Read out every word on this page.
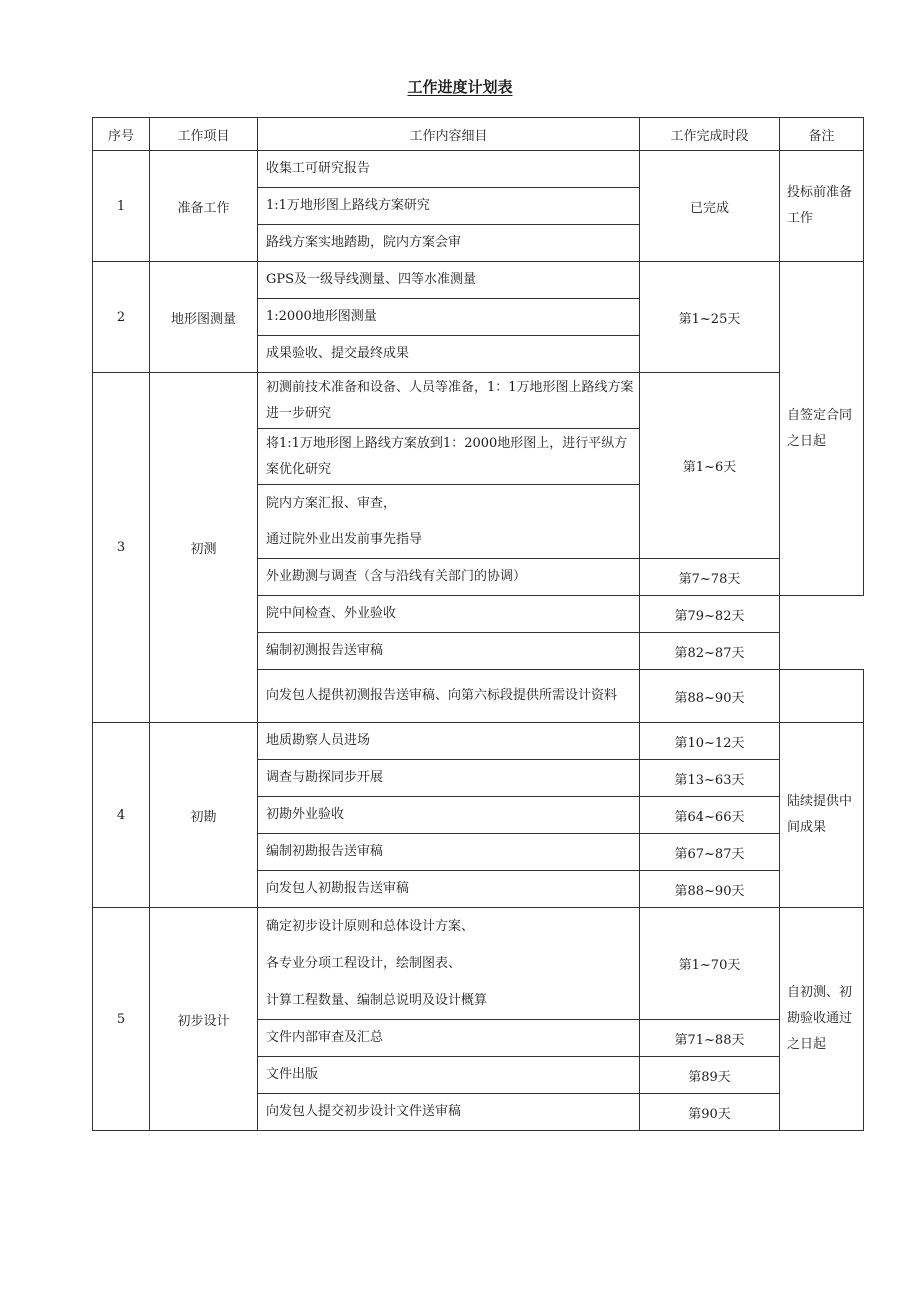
工作进度计划表
序号	工作项目	工作内容细目	工作完成时段	备注
1	准备工作	收集工可研究报告	已完成	投标前准备工作
		1:1万地形图上路线方案研究		
		路线方案实地踏勘，院内方案会审		
2	地形图测量	GPS及一级导线测量、四等水准测量	第1~25天	自签定合同之日起
		1:2000地形图测量		
		成果验收、提交最终成果		
3	初测	初测前技术准备和设备、人员等准备，1：1万地形图上路线方案进一步研究	第1~6天	
		将1:1万地形图上路线方案放到1：2000地形图上，进行平纵方案优化研究		

		院内方案汇报、审查，
通过院外业出发前事先指导		

		外业勘测与调查（含与沿线有关部门的协调）	第7~78天	
		院中间检查、外业验收	第79~82天	
		编制初测报告送审稿	第82~87天	
		向发包人提供初测报告送审稿、向第六标段提供所需设计资料	第88~90天	
4	初勘	地质勘察人员进场	第10~12天	陆续提供中间成果
		调查与勘探同步开展	第13~63天	
		初勘外业验收	第64~66天	
		编制初勘报告送审稿	第67~87天	
		向发包人初勘报告送审稿	第88~90天	
5	初步设计	确定初步设计原则和总体设计方案、
各专业分项工程设计，绘制图表、
计算工程数量、编制总说明及设计概算	第1~70天	自初测、初勘验收通过之日起
		文件内部审查及汇总	第71~88天	
		文件出版	第89天	
		向发包人提交初步设计文件送审稿	第90天	
